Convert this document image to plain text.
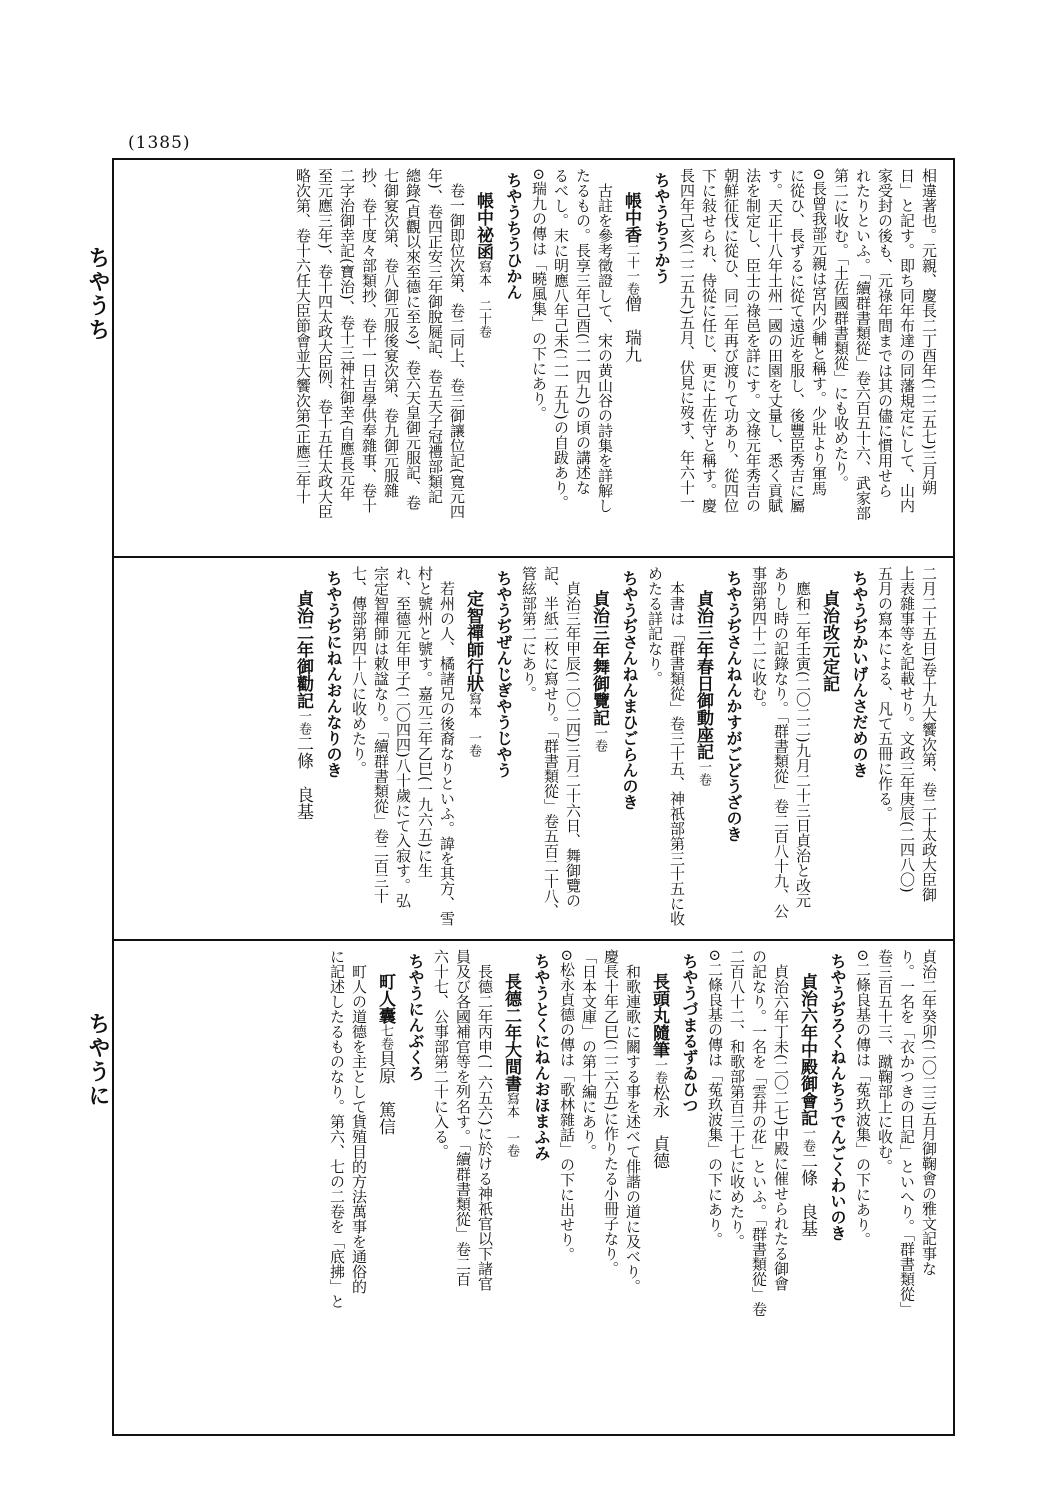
(1385)
ちやうち
ちやうに
相違著也。元親、慶長二丁酉年(二二五七)三月朔
日」と記す。即ち同年布達の同藩規定にして、山内
家受封の後も、元祿年間までは其の儘に慣用せら
れたりといふ。「續群書類從」卷六百五十六、武家部
第二に收む。「土佐國群書類從」にも收めたり。
⊙長曾我部元親は宮内少輔と稱す。少壯より軍馬
に從ひ、長ずるに從て遠近を服し、後豐臣秀吉に屬
す。天正十八年土州一國の田園を丈量し、悉く貢賦
法を制定し、臣士の祿邑を詳にす。文祿元年秀吉の
朝鮮征伐に從ひ、同二年再び渡りて功あり、從四位
下に敍せられ、侍從に任じ、更に土佐守と稱す。慶
長四年己亥(二二五九)五月、伏見に歿す、年六十一
ちやうちうかう
帳中香二十一卷僧　瑞九
古註を參考徵證して、宋の黄山谷の詩集を詳解し
たるもの。長享三年己酉(二一四九)の頃の講述な
るべし。末に明應八年己未(二一五九)の自跋あり。
⊙瑞九の傳は「曉風集」の下にあり。
ちやうちうひかん
帳中祕函寫本　二十卷
卷一御即位次第、卷二同上、卷三御讓位記(寬元四
年)、卷四正安三年御脫屣記、卷五天子冠禮部類記
總錄(貞觀以來至德に至る)、卷六天皇御元服記、卷
七御宴次第、卷八御元服後宴次第、卷九御元服雜
抄、卷十度々部類抄、卷十一日吉學供奉雜事、卷十
二字治御幸記(寶治)、卷十三神社御幸(自應長元年
至元應三年)、卷十四太政大臣例、卷十五任太政大臣
略次第、卷十六任大臣節會並大饗次第(正應三年十
二月二十五日)卷十九大饗次第、卷二十太政大臣御
上表雜事等を記載せり。文政三年庚辰(二四八〇)
五月の寫本による、凡て五冊に作る。
ちやうぢかいげんさだめのき
貞治改元定記
應和二年壬寅(二〇二二)九月二十三日貞治と改元
ありし時の記錄なり。「群書類從」卷二百八十九、公
事部第四十二に收む。
ちやうぢさんねんかすがごどうざのき
貞治三年春日御動座記一卷
本書は「群書類從」卷三十五、神祇部第三十五に收
めたる詳記なり。
ちやうぢさんねんまひごらんのき
貞治三年舞御覽記一卷
貞治三年甲辰(二〇二四)三月二十六日、舞御覽の
記、半紙二枚に寫せり。「群書類從」卷五百二十八、
管絃部第二にあり。
ちやうぢぜんじぎやうじやう
定智禪師行狀寫本　一卷
若州の人、橘諸兄の後裔なりといふ。諱を其方、雪
村と號州と號す。嘉元三年乙巳(一九六五)に生
れ、至德元年甲子(二〇四四)八十歲にて入寂す。弘
宗定智禪師は敕諡なり。「續群書類從」卷二百三十
七、傳部第四十八に收めたり。
ちやうぢにねんおんなりのき
貞治二年御勸記一卷二條　良基
貞治二年癸卯(二〇二三)五月御鞠會の雅文記事な
り。一名を「衣かつきの日記」といへり。「群書類從」
卷三百五十三、蹴鞠部上に收む。
⊙二條良基の傳は「菟玖波集」の下にあり。
ちやうぢろくねんちうでんごくわいのき
貞治六年中殿御會記一卷二條　良基
貞治六年丁未(二〇二七)中殿に催せられたる御會
の記なり。一名を「雲井の花」といふ。「群書類從」卷
二百八十二、和歌部第百三十七に收めたり。
⊙二條良基の傳は「菟玖波集」の下にあり。
ちやうづまるずゐひつ
長頭丸隨筆一卷松永　貞德
和歌連歌に關する事を述べて俳諧の道に及べり。
慶長十年乙巳(二二六五)に作りたる小冊子なり。
「日本文庫」の第十編にあり。
⊙松永貞德の傳は「歌林雜話」の下に出せり。
ちやうとくにねんおほまふみ
長德二年大間書寫本　一卷
長德二年丙申(一六五六)に於ける神祇官以下諸官
員及び各國補官等を列名す。「續群書類從」卷二百
六十七、公事部第二十に入る。
ちやうにんぶくろ
町人囊七卷貝原　篤信
町人の道德を主として貨殖目的方法萬事を通俗的
に記述したるものなり。第六、七の二卷を「底拂」と
